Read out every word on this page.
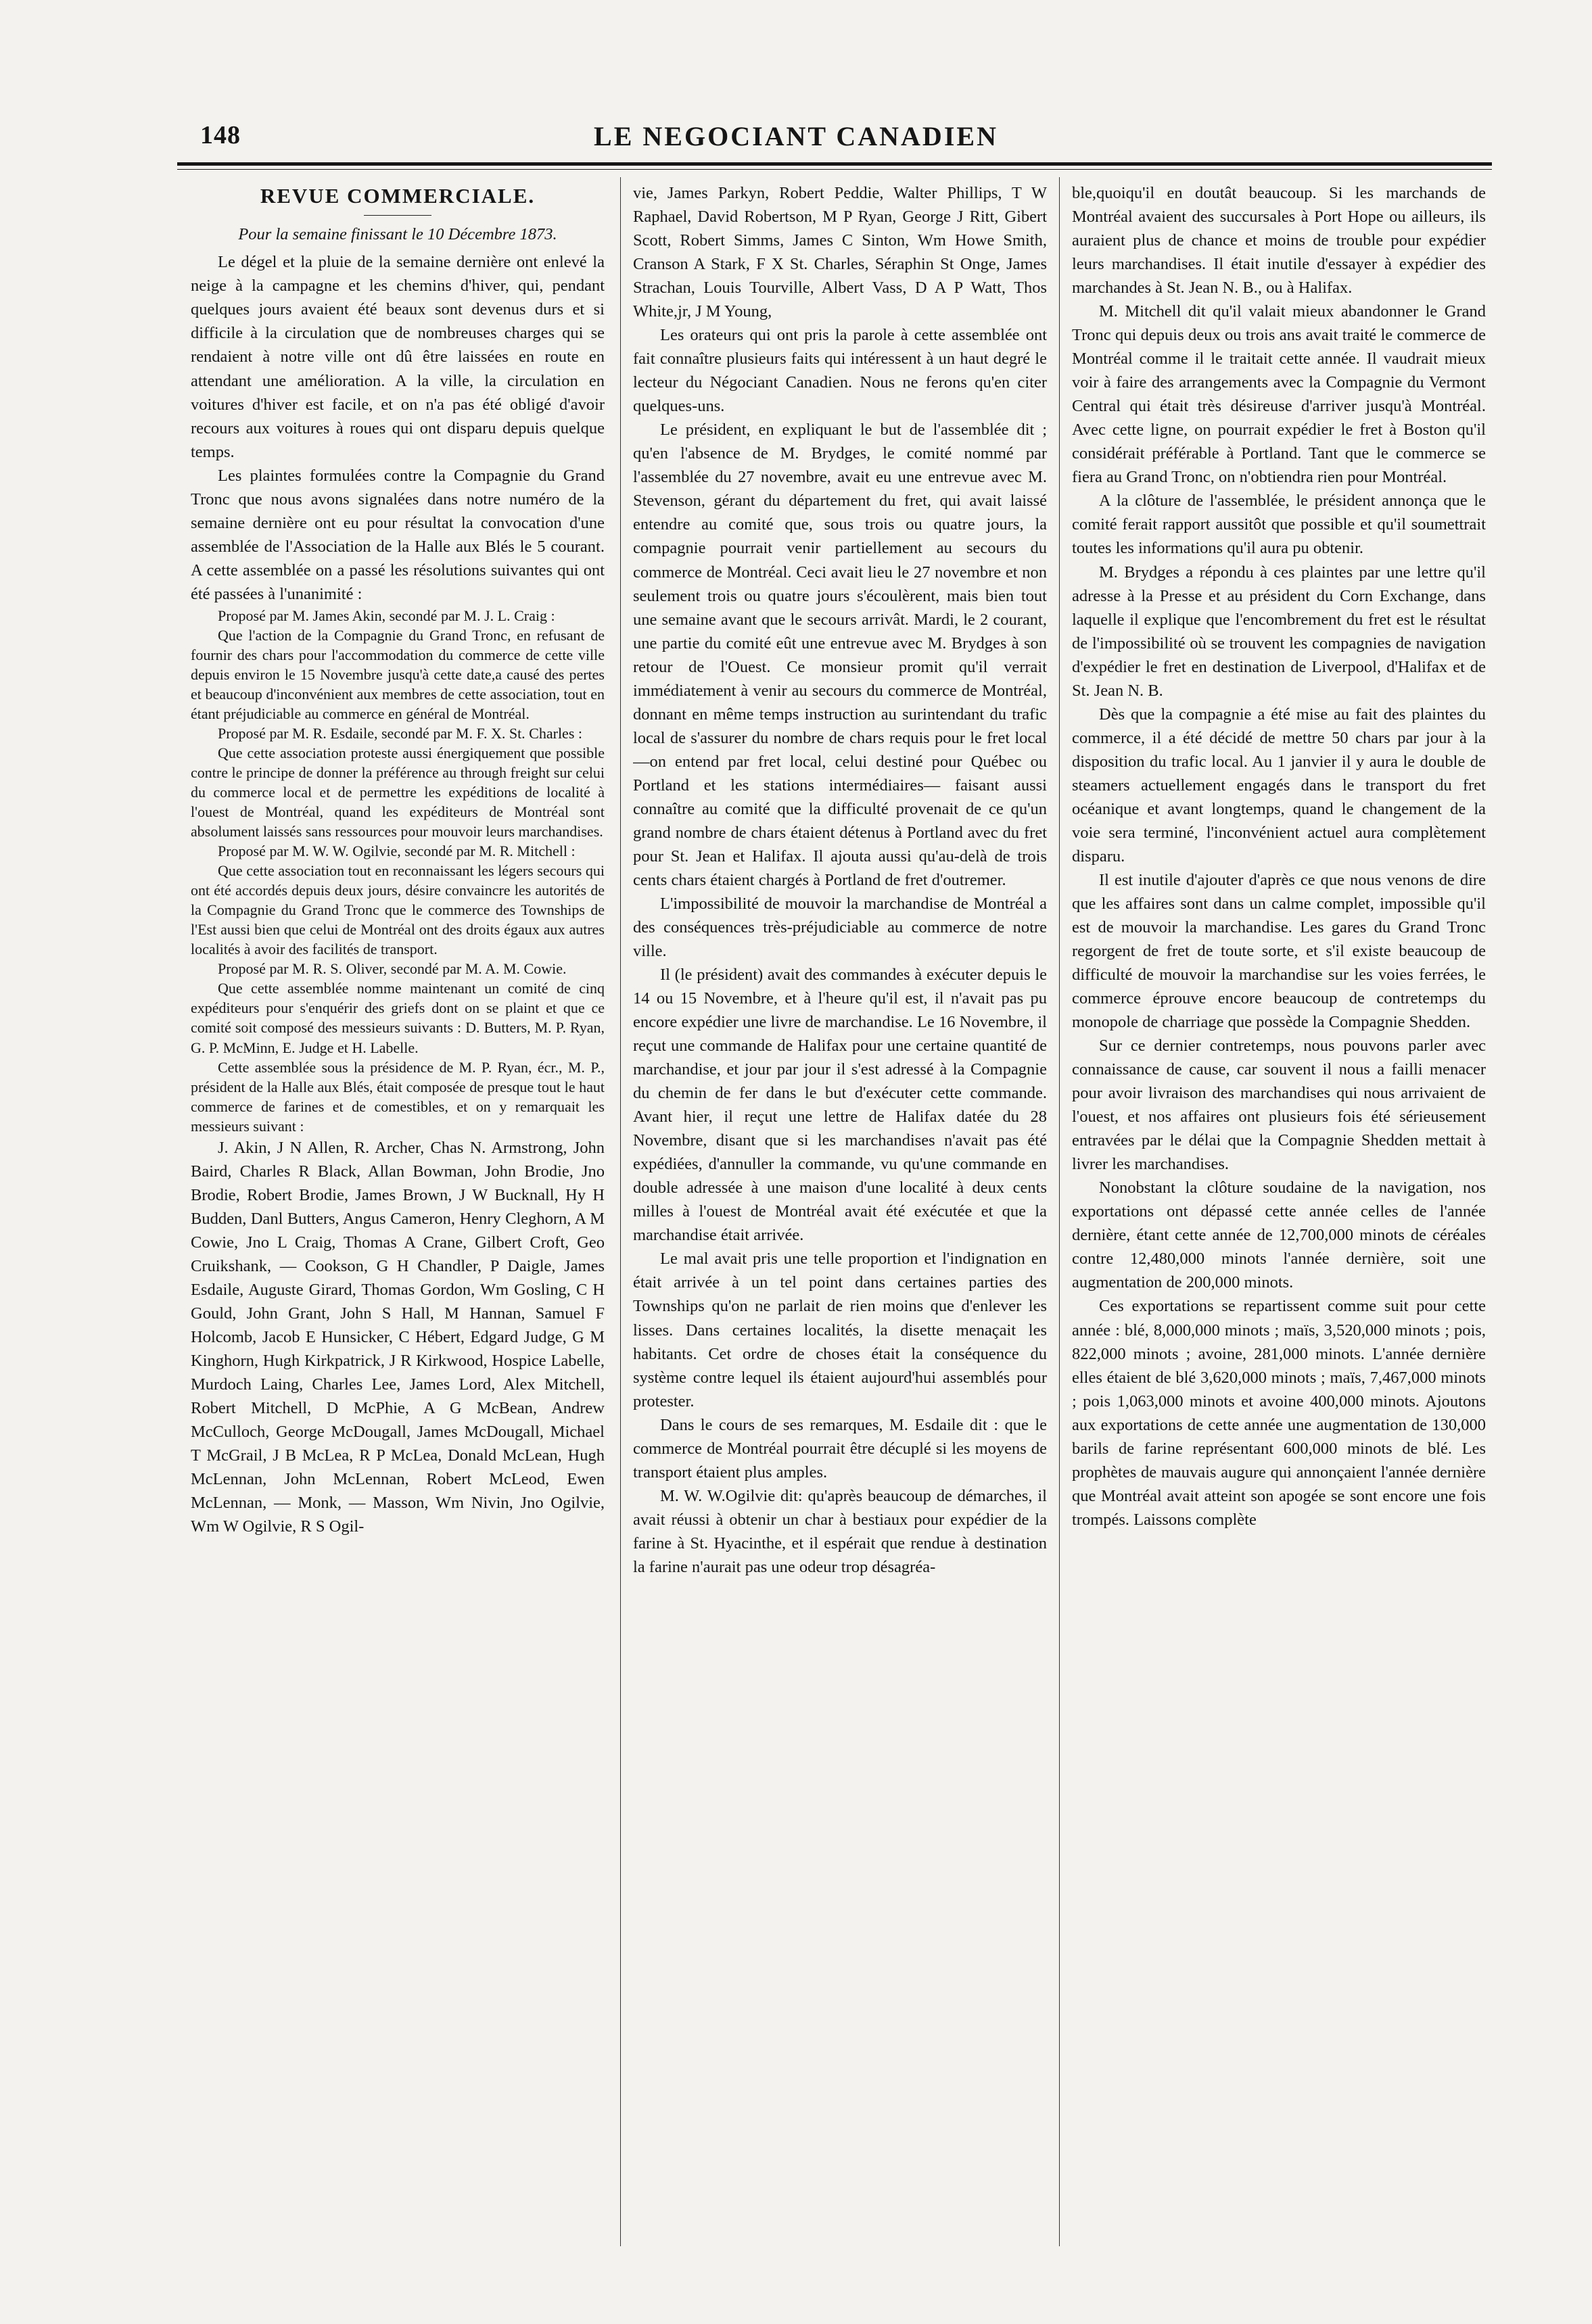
148	LE NEGOCIANT CANADIEN
REVUE COMMERCIALE.

Pour la semaine finissant le 10 Décembre 1873.

Le dégel et la pluie de la semaine dernière ont enlevé la neige à la campagne et les chemins d'hiver, qui, pendant quelques jours avaient été beaux sont devenus durs et si difficile à la circulation que de nombreuses charges qui se rendaient à notre ville ont dû être laissées en route en attendant une amélioration. A la ville, la circulation en voitures d'hiver est facile, et on n'a pas été obligé d'avoir recours aux voitures à roues qui ont disparu depuis quelque temps.

Les plaintes formulées contre la Compagnie du Grand Tronc que nous avons signalées dans notre numéro de la semaine dernière ont eu pour résultat la convocation d'une assemblée de l'Association de la Halle aux Blés le 5 courant. A cette assemblée on a passé les résolutions suivantes qui ont été passées à l'unanimité :

Proposé par M. James Akin, secondé par M. J. L. Craig :

Que l'action de la Compagnie du Grand Tronc, en refusant de fournir des chars pour l'accommodation du commerce de cette ville depuis environ le 15 Novembre jusqu'à cette date,a causé des pertes et beaucoup d'inconvénient aux membres de cette association, tout en étant préjudiciable au commerce en général de Montréal.

Proposé par M. R. Esdaile, secondé par M. F. X. St. Charles :

Que cette association proteste aussi énergiquement que possible contre le principe de donner la préférence au through freight sur celui du commerce local et de permettre les expéditions de localité à l'ouest de Montréal, quand les expéditeurs de Montréal sont absolument laissés sans ressources pour mouvoir leurs marchandises.

Proposé par M. W. W. Ogilvie, secondé par M. R. Mitchell :

Que cette association tout en reconnaissant les légers secours qui ont été accordés depuis deux jours, désire convaincre les autorités de la Compagnie du Grand Tronc que le commerce des Townships de l'Est aussi bien que celui de Montréal ont des droits égaux aux autres localités à avoir des facilités de transport.

Proposé par M. R. S. Oliver, secondé par M. A. M. Cowie.

Que cette assemblée nomme maintenant un comité de cinq expéditeurs pour s'enquérir des griefs dont on se plaint et que ce comité soit composé des messieurs suivants : D. Butters, M. P. Ryan, G. P. McMinn, E. Judge et H. Labelle.

Cette assemblée sous la présidence de M. P. Ryan, écr., M. P., président de la Halle aux Blés, était composée de presque tout le haut commerce de farines et de comestibles, et on y remarquait les messieurs suivant :

J. Akin, J N Allen, R. Archer, Chas N. Armstrong, John Baird, Charles R Black, Allan Bowman, John Brodie, Jno Brodie, Robert Brodie, James Brown, J W Bucknall, Hy H Budden, Danl Butters, Angus Cameron, Henry Cleghorn, A M Cowie, Jno L Craig, Thomas A Crane, Gilbert Croft, Geo Cruikshank, — Cookson, G H Chandler, P Daigle, James Esdaile, Auguste Girard, Thomas Gordon, Wm Gosling, C H Gould, John Grant, John S Hall, M Hannan, Samuel F Holcomb, Jacob E Hunsicker, C Hébert, Edgard Judge, G M Kinghorn, Hugh Kirkpatrick, J R Kirkwood, Hospice Labelle, Murdoch Laing, Charles Lee, James Lord, Alex Mitchell, Robert Mitchell, D McPhie, A G McBean, Andrew McCulloch, George McDougall, James McDougall, Michael T McGrail, J B McLea, R P McLea, Donald McLean, Hugh McLennan, John McLennan, Robert McLeod, Ewen McLennan, — Monk, — Masson, Wm Nivin, Jno Ogilvie, Wm W Ogilvie, R S Ogil-

vie, James Parkyn, Robert Peddie, Walter Phillips, T W Raphael, David Robertson, M P Ryan, George J Ritt, Gibert Scott, Robert Simms, James C Sinton, Wm Howe Smith, Cranson A Stark, F X St. Charles, Séraphin St Onge, James Strachan, Louis Tourville, Albert Vass, D A P Watt, Thos White,jr, J M Young,

Les orateurs qui ont pris la parole à cette assemblée ont fait connaître plusieurs faits qui intéressent à un haut degré le lecteur du Négociant Canadien. Nous ne ferons qu'en citer quelques-uns.

Le président, en expliquant le but de l'assemblée dit ; qu'en l'absence de M. Brydges, le comité nommé par l'assemblée du 27 novembre, avait eu une entrevue avec M. Stevenson, gérant du département du fret, qui avait laissé entendre au comité que, sous trois ou quatre jours, la compagnie pourrait venir partiellement au secours du commerce de Montréal. Ceci avait lieu le 27 novembre et non seulement trois ou quatre jours s'écoulèrent, mais bien tout une semaine avant que le secours arrivât. Mardi, le 2 courant, une partie du comité eût une entrevue avec M. Brydges à son retour de l'Ouest. Ce monsieur promit qu'il verrait immédiatement à venir au secours du commerce de Montréal, donnant en même temps instruction au surintendant du trafic local de s'assurer du nombre de chars requis pour le fret local—on entend par fret local, celui destiné pour Québec ou Portland et les stations intermédiaires— faisant aussi connaître au comité que la difficulté provenait de ce qu'un grand nombre de chars étaient détenus à Portland avec du fret pour St. Jean et Halifax. Il ajouta aussi qu'au-delà de trois cents chars étaient chargés à Portland de fret d'outremer.

L'impossibilité de mouvoir la marchandise de Montréal a des conséquences très-préjudiciable au commerce de notre ville.

Il (le président) avait des commandes à exécuter depuis le 14 ou 15 Novembre, et à l'heure qu'il est, il n'avait pas pu encore expédier une livre de marchandise. Le 16 Novembre, il reçut une commande de Halifax pour une certaine quantité de marchandise, et jour par jour il s'est adressé à la Compagnie du chemin de fer dans le but d'exécuter cette commande. Avant hier, il reçut une lettre de Halifax datée du 28 Novembre, disant que si les marchandises n'avait pas été expédiées, d'annuller la commande, vu qu'une commande en double adressée à une maison d'une localité à deux cents milles à l'ouest de Montréal avait été exécutée et que la marchandise était arrivée.

Le mal avait pris une telle proportion et l'indignation en était arrivée à un tel point dans certaines parties des Townships qu'on ne parlait de rien moins que d'enlever les lisses. Dans certaines localités, la disette menaçait les habitants. Cet ordre de choses était la conséquence du système contre lequel ils étaient aujourd'hui assemblés pour protester.

Dans le cours de ses remarques, M. Esdaile dit : que le commerce de Montréal pourrait être décuplé si les moyens de transport étaient plus amples.

M. W. W.Ogilvie dit: qu'après beaucoup de démarches, il avait réussi à obtenir un char à bestiaux pour expédier de la farine à St. Hyacinthe, et il espérait que rendue à destination la farine n'aurait pas une odeur trop désagréa-

ble,quoiqu'il en doutât beaucoup. Si les marchands de Montréal avaient des succursales à Port Hope ou ailleurs, ils auraient plus de chance et moins de trouble pour expédier leurs marchandises. Il était inutile d'essayer à expédier des marchandes à St. Jean N. B., ou à Halifax.

M. Mitchell dit qu'il valait mieux abandonner le Grand Tronc qui depuis deux ou trois ans avait traité le commerce de Montréal comme il le traitait cette année. Il vaudrait mieux voir à faire des arrangements avec la Compagnie du Vermont Central qui était très désireuse d'arriver jusqu'à Montréal. Avec cette ligne, on pourrait expédier le fret à Boston qu'il considérait préférable à Portland. Tant que le commerce se fiera au Grand Tronc, on n'obtiendra rien pour Montréal.

A la clôture de l'assemblée, le président annonça que le comité ferait rapport aussitôt que possible et qu'il soumettrait toutes les informations qu'il aura pu obtenir.

M. Brydges a répondu à ces plaintes par une lettre qu'il adresse à la Presse et au président du Corn Exchange, dans laquelle il explique que l'encombrement du fret est le résultat de l'impossibilité où se trouvent les compagnies de navigation d'expédier le fret en destination de Liverpool, d'Halifax et de St. Jean N. B.

Dès que la compagnie a été mise au fait des plaintes du commerce, il a été décidé de mettre 50 chars par jour à la disposition du trafic local. Au 1 janvier il y aura le double de steamers actuellement engagés dans le transport du fret océanique et avant longtemps, quand le changement de la voie sera terminé, l'inconvénient actuel aura complètement disparu.

Il est inutile d'ajouter d'après ce que nous venons de dire que les affaires sont dans un calme complet, impossible qu'il est de mouvoir la marchandise. Les gares du Grand Tronc regorgent de fret de toute sorte, et s'il existe beaucoup de difficulté de mouvoir la marchandise sur les voies ferrées, le commerce éprouve encore beaucoup de contretemps du monopole de charriage que possède la Compagnie Shedden.

Sur ce dernier contretemps, nous pouvons parler avec connaissance de cause, car souvent il nous a failli menacer pour avoir livraison des marchandises qui nous arrivaient de l'ouest, et nos affaires ont plusieurs fois été sérieusement entravées par le délai que la Compagnie Shedden mettait à livrer les marchandises.

Nonobstant la clôture soudaine de la navigation, nos exportations ont dépassé cette année celles de l'année dernière, étant cette année de 12,700,000 minots de céréales contre 12,480,000 minots l'année dernière, soit une augmentation de 200,000 minots.

Ces exportations se repartissent comme suit pour cette année : blé, 8,000,000 minots ; maïs, 3,520,000 minots ; pois, 822,000 minots ; avoine, 281,000 minots. L'année dernière elles étaient de blé 3,620,000 minots ; maïs, 7,467,000 minots ; pois 1,063,000 minots et avoine 400,000 minots. Ajoutons aux exportations de cette année une augmentation de 130,000 barils de farine représentant 600,000 minots de blé. Les prophètes de mauvais augure qui annonçaient l'année dernière que Montréal avait atteint son apogée se sont encore une fois trompés. Laissons complète
